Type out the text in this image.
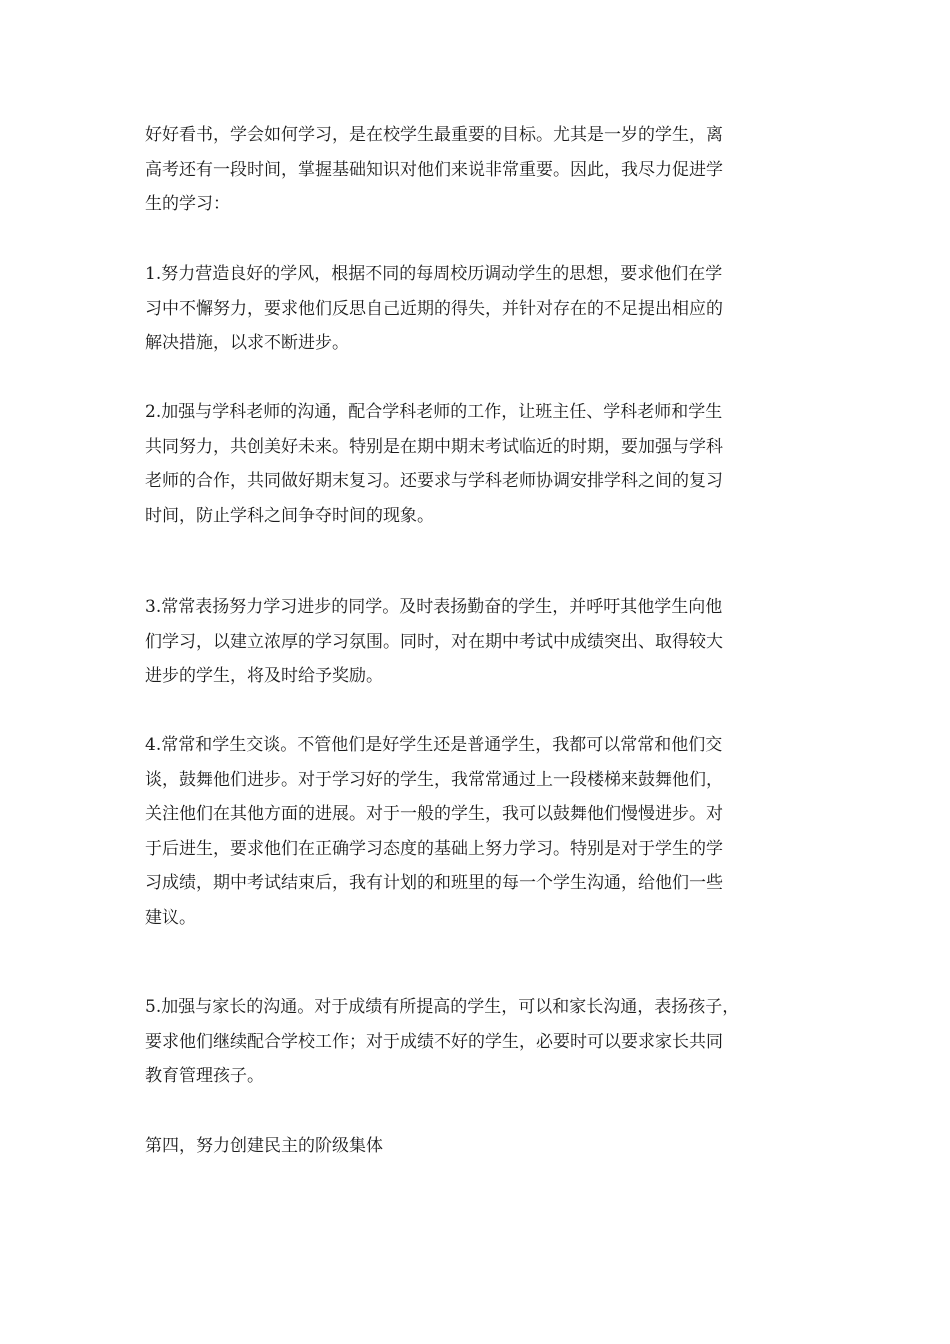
好好看书，学会如何学习，是在校学生最重要的目标。尤其是一岁的学生，离
高考还有一段时间，掌握基础知识对他们来说非常重要。因此，我尽力促进学
生的学习：

1.努力营造良好的学风，根据不同的每周校历调动学生的思想，要求他们在学
习中不懈努力，要求他们反思自己近期的得失，并针对存在的不足提出相应的
解决措施，以求不断进步。

2.加强与学科老师的沟通，配合学科老师的工作，让班主任、学科老师和学生
共同努力，共创美好未来。特别是在期中期末考试临近的时期，要加强与学科
老师的合作，共同做好期末复习。还要求与学科老师协调安排学科之间的复习
时间，防止学科之间争夺时间的现象。

3.常常表扬努力学习进步的同学。及时表扬勤奋的学生，并呼吁其他学生向他
们学习，以建立浓厚的学习氛围。同时，对在期中考试中成绩突出、取得较大
进步的学生，将及时给予奖励。

4.常常和学生交谈。不管他们是好学生还是普通学生，我都可以常常和他们交
谈，鼓舞他们进步。对于学习好的学生，我常常通过上一段楼梯来鼓舞他们，
关注他们在其他方面的进展。对于一般的学生，我可以鼓舞他们慢慢进步。对
于后进生，要求他们在正确学习态度的基础上努力学习。特别是对于学生的学
习成绩，期中考试结束后，我有计划的和班里的每一个学生沟通，给他们一些
建议。

5.加强与家长的沟通。对于成绩有所提高的学生，可以和家长沟通，表扬孩子，
要求他们继续配合学校工作；对于成绩不好的学生，必要时可以要求家长共同
教育管理孩子。

第四，努力创建民主的阶级集体
